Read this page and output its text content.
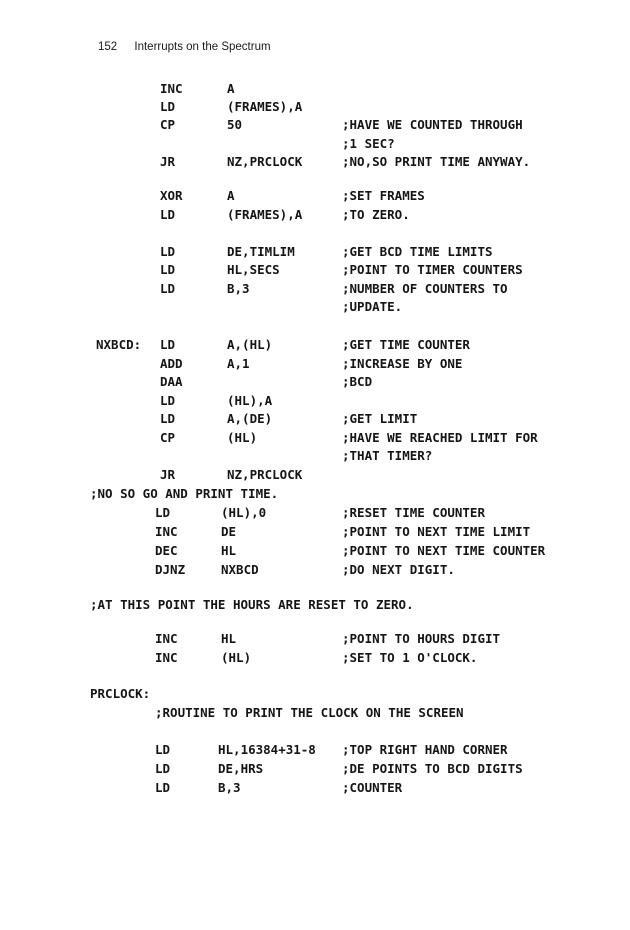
152 Interrupts on the Spectrum
INC	A
LD	(FRAMES),A
CP	50	;HAVE WE COUNTED THROUGH
;1 SEC?
JR	NZ,PRCLOCK	;NO,SO PRINT TIME ANYWAY.
XOR	A	;SET FRAMES
LD	(FRAMES),A	;TO ZERO.
LD	DE,TIMLIM	;GET BCD TIME LIMITS
LD	HL,SECS	;POINT TO TIMER COUNTERS
LD	B,3	;NUMBER OF COUNTERS TO
;UPDATE.
NXBCD: LD	A,(HL)	;GET TIME COUNTER
ADD	A,1	;INCREASE BY ONE
DAA	;BCD
LD	(HL),A
LD	A,(DE)	;GET LIMIT
CP	(HL)	;HAVE WE REACHED LIMIT FOR
;THAT TIMER?
JR	NZ,PRCLOCK
;NO SO GO AND PRINT TIME.
LD	(HL),0	;RESET TIME COUNTER
INC	DE	;POINT TO NEXT TIME LIMIT
DEC	HL	;POINT TO NEXT TIME COUNTER
DJNZ	NXBCD	;DO NEXT DIGIT.
;AT THIS POINT THE HOURS ARE RESET TO ZERO.
INC	HL	;POINT TO HOURS DIGIT
INC	(HL)	;SET TO 1 O'CLOCK.
PRCLOCK:
;ROUTINE TO PRINT THE CLOCK ON THE SCREEN
LD	HL,16384+31-8 ;TOP RIGHT HAND CORNER
LD	DE,HRS	;DE POINTS TO BCD DIGITS
LD	B,3	;COUNTER
